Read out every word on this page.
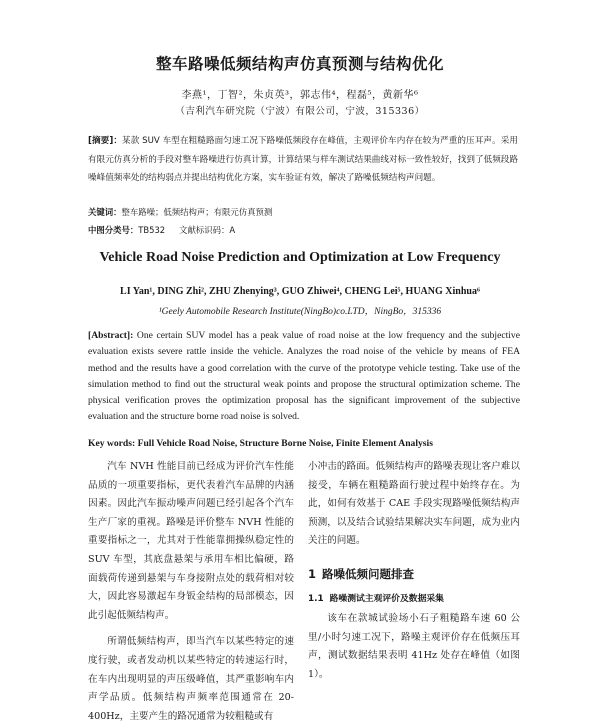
整车路噪低频结构声仿真预测与结构优化
李燕¹，丁智²，朱贞英³，郭志伟⁴，程磊⁵，黄新华⁶
（吉利汽车研究院（宁波）有限公司，宁波，315336）
[摘要]：某款 SUV 车型在粗糙路面匀速工况下路噪低频段存在峰值，主观评价车内存在较为严重的压耳声。采用有限元仿真分析的手段对整车路噪进行仿真计算，计算结果与样车测试结果曲线对标一致性较好，找到了低频段路噪峰值频率处的结构弱点并提出结构优化方案，实车验证有效，解决了路噪低频结构声问题。
关键词：整车路噪；低频结构声；有限元仿真预测
中图分类号：TB532 文献标识码：A
Vehicle Road Noise Prediction and Optimization at Low Frequency
LI Yan¹, DING Zhi², ZHU Zhenying³, GUO Zhiwei⁴, CHENG Lei⁵, HUANG Xinhua⁶
¹Geely Automobile Research Institute(NingBo)co.LTD，NingBo，315336
[Abstract]: One certain SUV model has a peak value of road noise at the low frequency and the subjective evaluation exists severe rattle inside the vehicle. Analyzes the road noise of the vehicle by means of FEA method and the results have a good correlation with the curve of the prototype vehicle testing. Take use of the simulation method to find out the structural weak points and propose the structural optimization scheme. The physical verification proves the optimization proposal has the significant improvement of the subjective evaluation and the structure borne road noise is solved.
Key words: Full Vehicle Road Noise, Structure Borne Noise, Finite Element Analysis

汽车 NVH 性能目前已经成为评价汽车性能品质的一项重要指标，更代表着汽车品牌的内涵因素。因此汽车振动噪声问题已经引起各个汽车生产厂家的重视。路噪是评价整车 NVH 性能的重要指标之一，尤其对于性能靠拥操纵稳定性的 SUV 车型，其底盘悬架与承用车相比偏硬，路面载荷传递到悬架与车身接附点处的载荷相对较大，因此容易激起车身钣金结构的局部模态，因此引起低频结构声。

所谓低频结构声，即当汽车以某些特定的速度行驶，或者发动机以某些特定的转速运行时，在车内出现明显的声压级峰值，其严重影响车内声学品质。低频结构声频率范围通常在 20-400Hz，主要产生的路况通常为较粗糙或有

小冲击的路面。低频结构声的路噪表现让客户难以接受，车辆在粗糙路面行驶过程中始终存在。为此，如何有效基于 CAE 手段实现路噪低频结构声预测，以及结合试验结果解决实车问题，成为业内关注的问题。

1 路噪低频问题排查
1.1 路噪测试主观评价及数据采集

该车在款城试验场小石子粗糙路车速 60 公里/小时匀速工况下，路噪主观评价存在低频压耳声，测试数据结果表明 41Hz 处存在峰值（如图 1）。
